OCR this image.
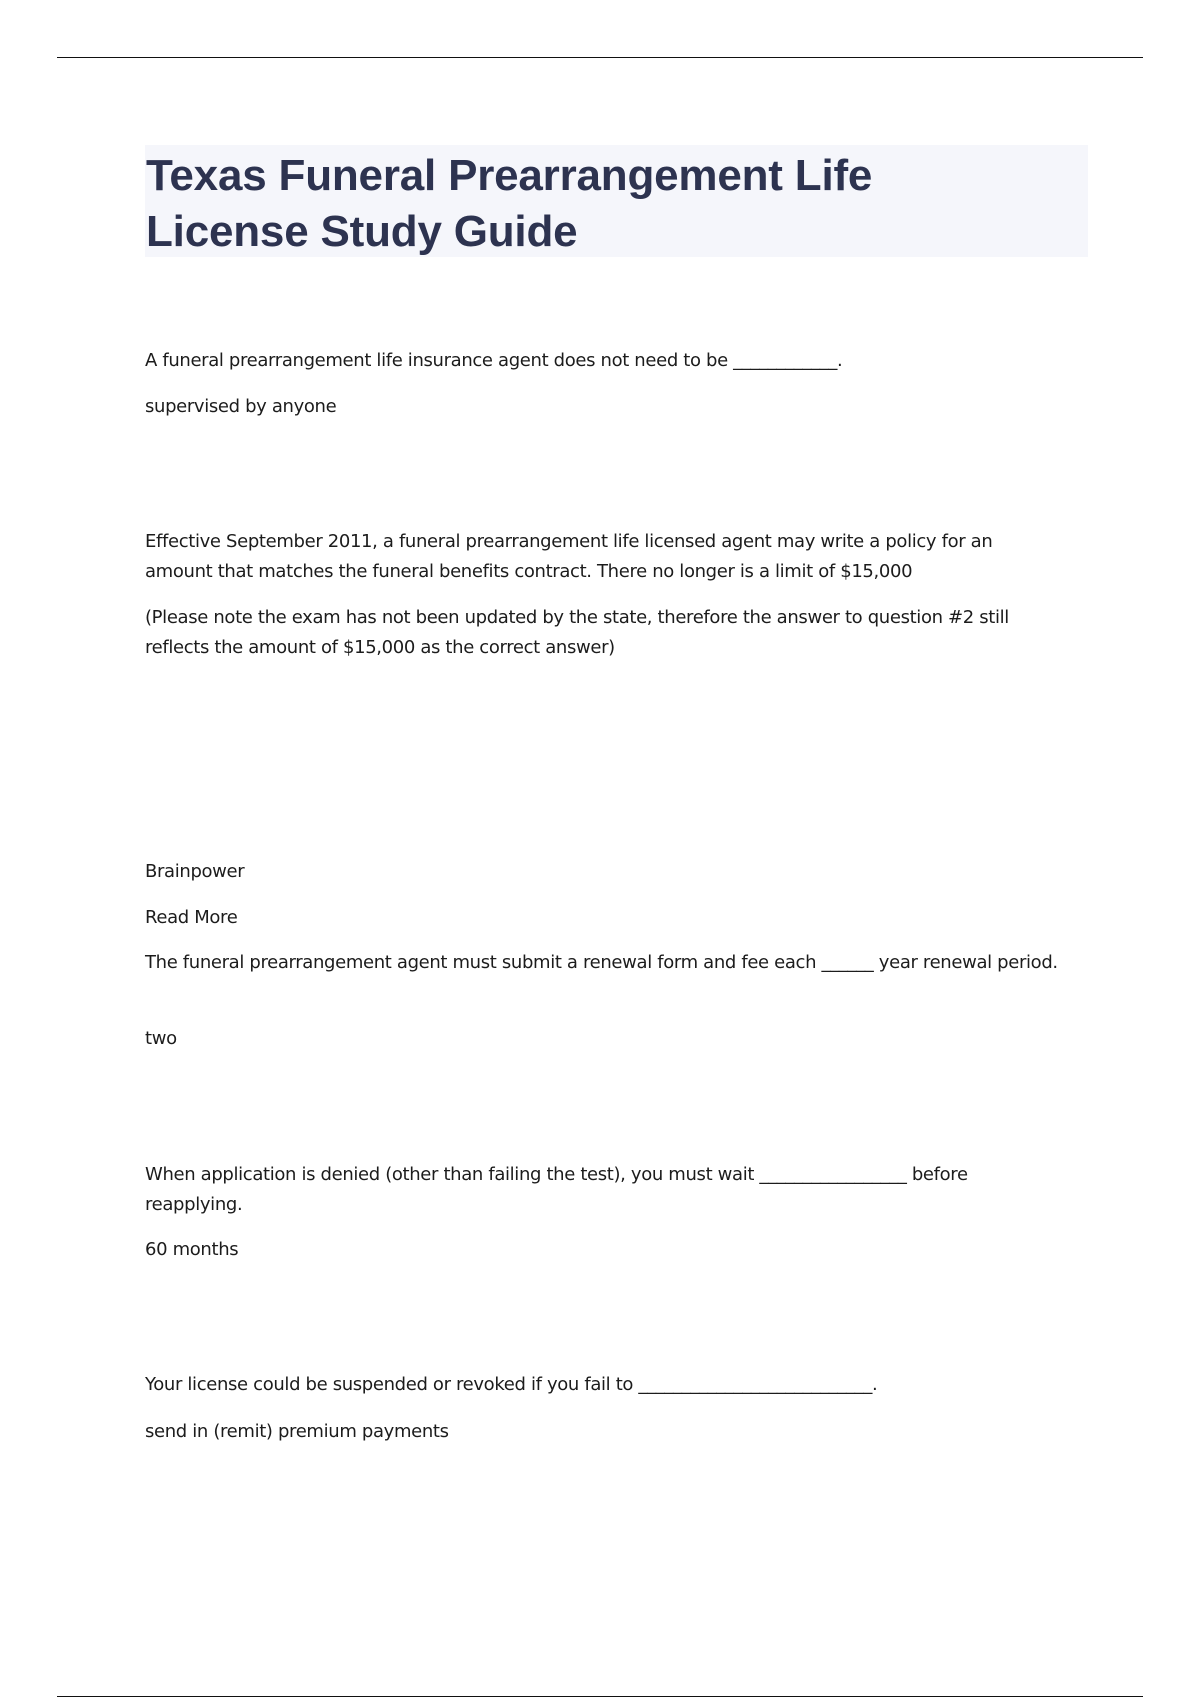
Texas Funeral Prearrangement Life License Study Guide

A funeral prearrangement life insurance agent does not need to be ____________.

supervised by anyone

Effective September 2011, a funeral prearrangement life licensed agent may write a policy for an amount that matches the funeral benefits contract. There no longer is a limit of $15,000

(Please note the exam has not been updated by the state, therefore the answer to question #2 still reflects the amount of $15,000 as the correct answer)

Brainpower

Read More

The funeral prearrangement agent must submit a renewal form and fee each ______ year renewal period.

two

When application is denied (other than failing the test), you must wait _________________ before reapplying.

60 months

Your license could be suspended or revoked if you fail to ___________________________.

send in (remit) premium payments
